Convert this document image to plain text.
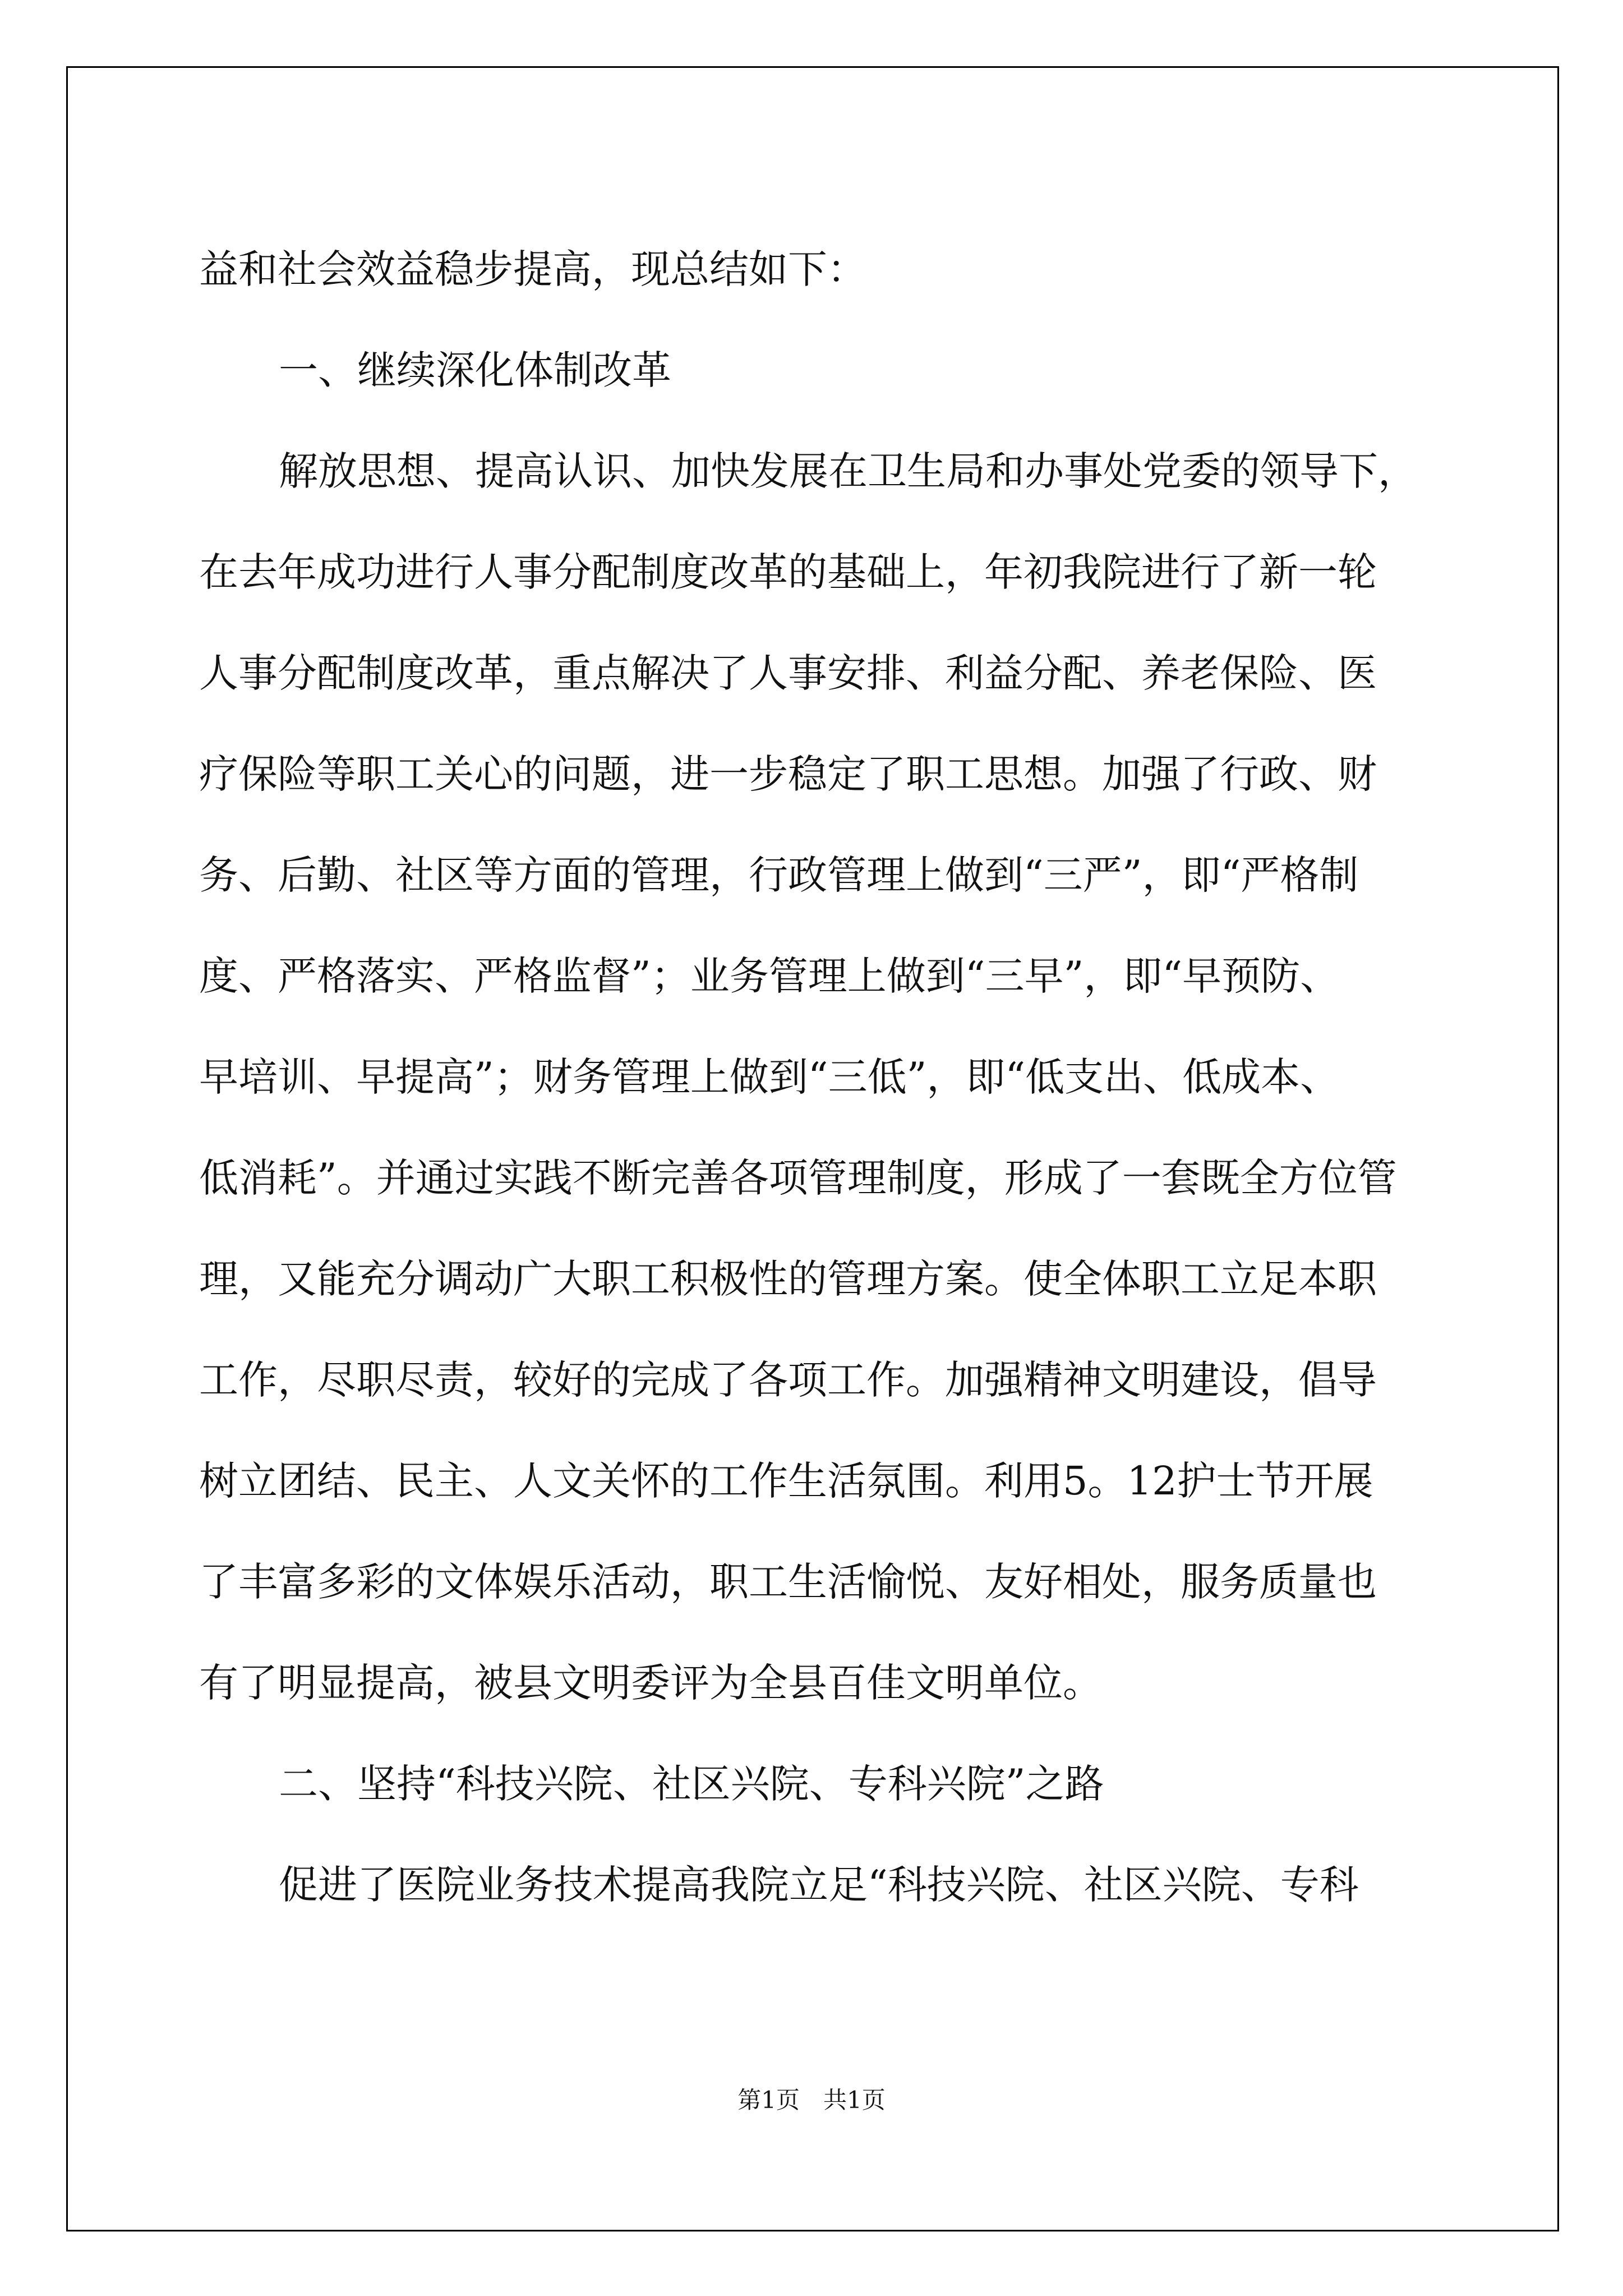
益和社会效益稳步提高，现总结如下：
一、继续深化体制改革
解放思想、提高认识、加快发展在卫生局和办事处党委的领导下，
在去年成功进行人事分配制度改革的基础上，年初我院进行了新一轮
人事分配制度改革，重点解决了人事安排、利益分配、养老保险、医
疗保险等职工关心的问题，进一步稳定了职工思想。加强了行政、财
务、后勤、社区等方面的管理，行政管理上做到“三严”，即“严格制
度、严格落实、严格监督”；业务管理上做到“三早”，即“早预防、
早培训、早提高”；财务管理上做到“三低”，即“低支出、低成本、
低消耗”。并通过实践不断完善各项管理制度，形成了一套既全方位管
理，又能充分调动广大职工积极性的管理方案。使全体职工立足本职
工作，尽职尽责，较好的完成了各项工作。加强精神文明建设，倡导
树立团结、民主、人文关怀的工作生活氛围。利用5。12护士节开展
了丰富多彩的文体娱乐活动，职工生活愉悦、友好相处，服务质量也
有了明显提高，被县文明委评为全县百佳文明单位。
二、坚持“科技兴院、社区兴院、专科兴院”之路
促进了医院业务技术提高我院立足“科技兴院、社区兴院、专科
第1页　共1页
